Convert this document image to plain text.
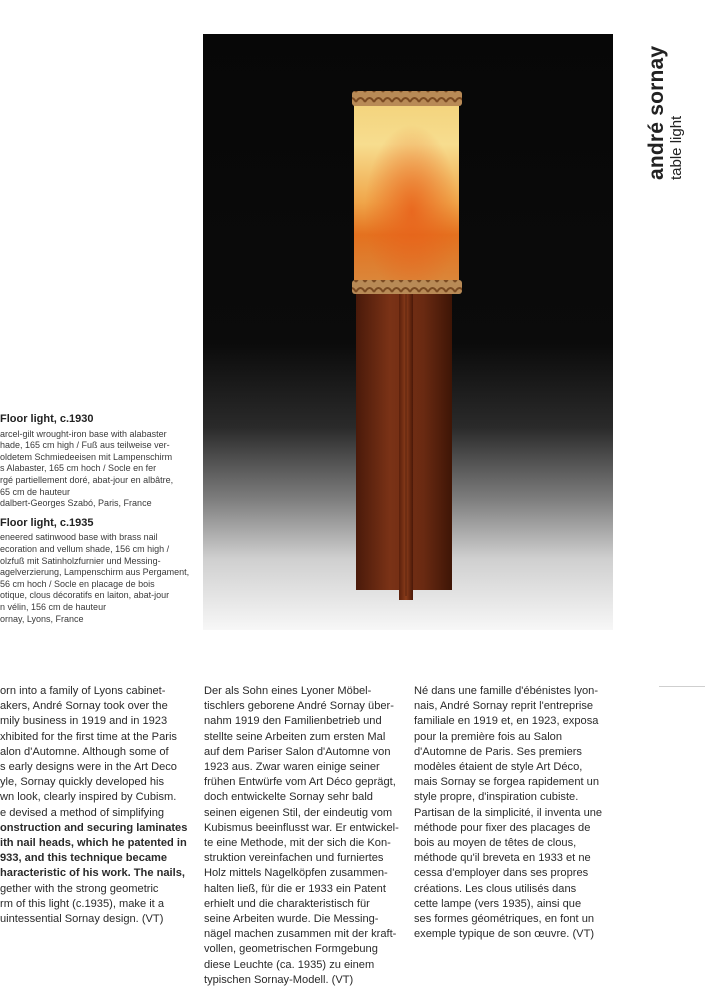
andré sornay table light
Floor light, c.1930
arcel-gilt wrought-iron base with alabaster
hade, 165 cm high / Fuß aus teilweise ver-
oldetem Schmiedeeisen mit Lampenschirm
s Alabaster, 165 cm hoch / Socle en fer
rgé partiellement doré, abat-jour en albâtre,
65 cm de hauteur
dalbert-Georges Szabó, Paris, France
Floor light, c.1935
eneered satinwood base with brass nail
ecoration and vellum shade, 156 cm high /
olzfuß mit Satinholzfurnier und Messing-
agelverzierung, Lampenschirm aus Pergament,
56 cm hoch / Socle en placage de bois
otique, clous décoratifs en laiton, abat-jour
n vélin, 156 cm de hauteur
ornay, Lyons, France
orn into a family of Lyons cabinet-
akers, André Sornay took over the
mily business in 1919 and in 1923
xhibited for the first time at the Paris
alon d'Automne. Although some of
s early designs were in the Art Deco
yle, Sornay quickly developed his
wn look, clearly inspired by Cubism.
e devised a method of simplifying
onstruction and securing laminates
ith nail heads, which he patented in
933, and this technique became
haracteristic of his work. The nails,
gether with the strong geometric
rm of this light (c.1935), make it a
uintessential Sornay design. (VT)
Der als Sohn eines Lyoner Möbel-
tischlers geborene André Sornay über-
nahm 1919 den Familienbetrieb und
stellte seine Arbeiten zum ersten Mal
auf dem Pariser Salon d'Automne von
1923 aus. Zwar waren einige seiner
frühen Entwürfe vom Art Déco geprägt,
doch entwickelte Sornay sehr bald
seinen eigenen Stil, der eindeutig vom
Kubismus beeinflusst war. Er entwickel-
te eine Methode, mit der sich die Kon-
struktion vereinfachen und furniertes
Holz mittels Nagelköpfen zusammen-
halten ließ, für die er 1933 ein Patent
erhielt und die charakteristisch für
seine Arbeiten wurde. Die Messing-
nägel machen zusammen mit der kraft-
vollen, geometrischen Formgebung
diese Leuchte (ca. 1935) zu einem
typischen Sornay-Modell. (VT)
Né dans une famille d'ébénistes lyon-
nais, André Sornay reprit l'entreprise
familiale en 1919 et, en 1923, exposa
pour la première fois au Salon
d'Automne de Paris. Ses premiers
modèles étaient de style Art Déco,
mais Sornay se forgea rapidement un
style propre, d'inspiration cubiste.
Partisan de la simplicité, il inventa une
méthode pour fixer des placages de
bois au moyen de têtes de clous,
méthode qu'il breveta en 1933 et ne
cessa d'employer dans ses propres
créations. Les clous utilisés dans
cette lampe (vers 1935), ainsi que
ses formes géométriques, en font un
exemple typique de son œuvre. (VT)
